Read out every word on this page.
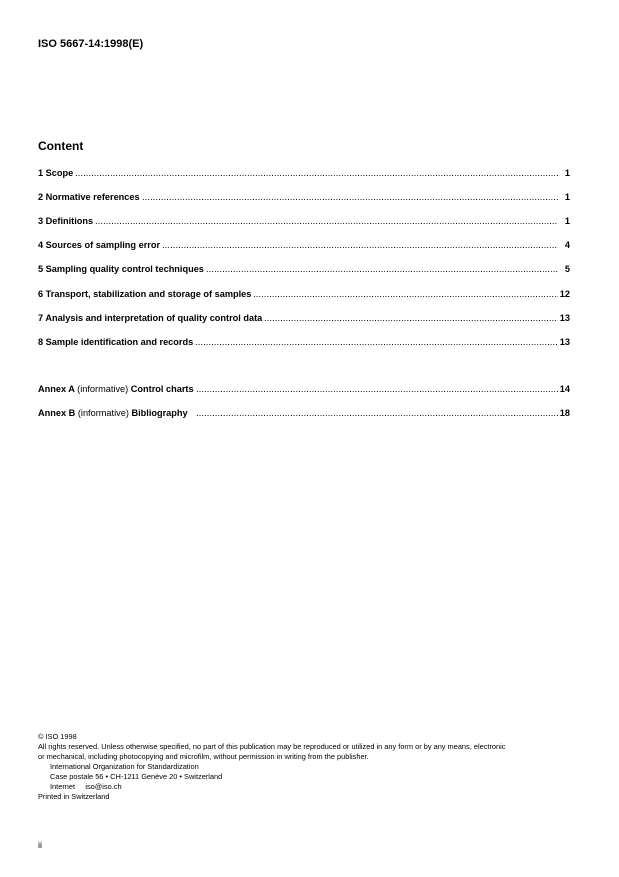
ISO 5667-14:1998(E)
Content
1 Scope	1
2 Normative references	1
3 Definitions	1
4 Sources of sampling error	4
5 Sampling quality control techniques	5
6 Transport, stabilization and storage of samples	12
7 Analysis and interpretation of quality control data	13
8 Sample identification and records	13
Annex A (informative) Control charts	14
Annex B (informative) Bibliography	18
© ISO 1998
All rights reserved. Unless otherwise specified, no part of this publication may be reproduced or utilized in any form or by any means, electronic
or mechanical, including photocopying and microfilm, without permission in writing from the publisher.
International Organization for Standardization
Case postale 56 • CH-1211 Genève 20 • Switzerland
Internet iso@iso.ch
Printed in Switzerland
ii
